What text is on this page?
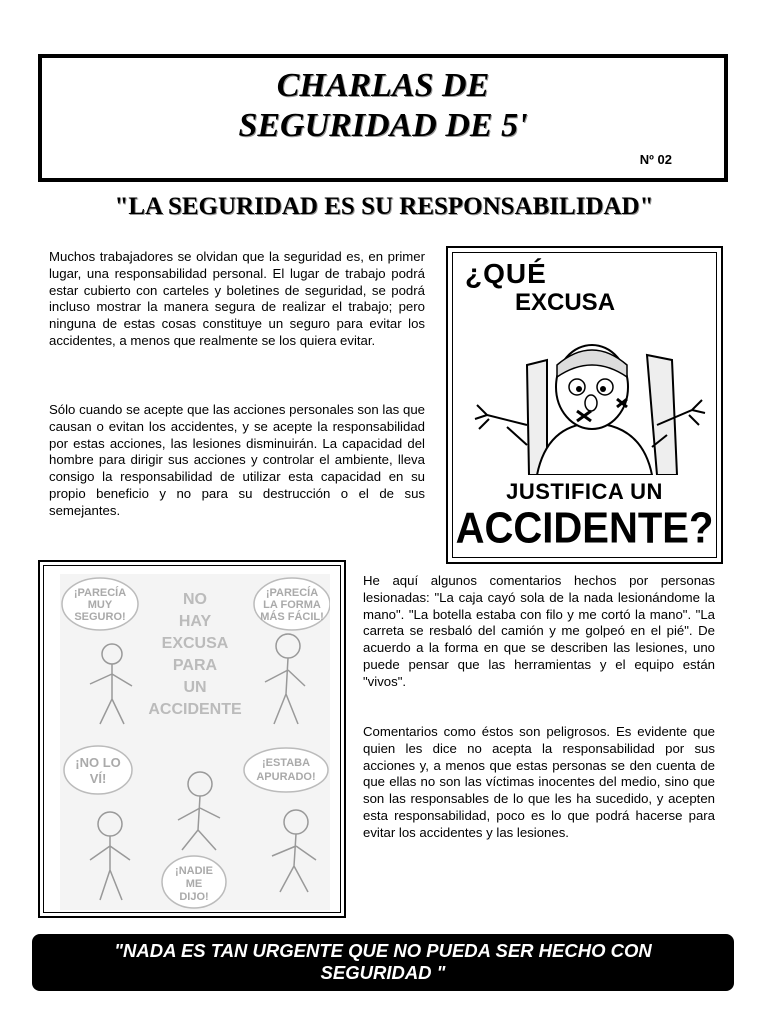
CHARLAS DE
SEGURIDAD DE 5'
Nº 02
"LA SEGURIDAD ES SU RESPONSABILIDAD"

Muchos trabajadores se olvidan que la seguridad es, en primer lugar, una responsabilidad personal. El lugar de trabajo podrá estar cubierto con carteles y boletines de seguridad, se podrá incluso mostrar la manera segura de realizar el trabajo; pero ninguna de estas cosas constituye un seguro para evitar los accidentes, a menos que realmente se los quiera evitar.

Sólo cuando se acepte que las acciones personales son las que causan o evitan los accidentes, y se acepte la responsabilidad por estas acciones, las lesiones disminuirán. La capacidad del hombre para dirigir sus acciones y controlar el ambiente, lleva consigo la responsabilidad de utilizar esta capacidad en su propio beneficio y no para su destrucción o el de sus semejantes.

¿QUÉ
EXCUSA
JUSTIFICA UN
ACCIDENTE?
NO
HAY
EXCUSA
PARA
UN
ACCIDENTE
¡PARECÍA
MUY
SEGURO!
¡PARECÍA
LA FORMA
MÁS FÁCIL!
¡NO LO
VÍ!
¡ESTABA
APURADO!
¡NADIE
ME
DIJO!

He aquí algunos comentarios hechos por personas lesionadas: "La caja cayó sola de la nada lesionándome la mano". "La botella estaba con filo y me cortó la mano". "La carreta se resbaló del camión y me golpeó en el pié". De acuerdo a la forma en que se describen las lesiones, uno puede pensar que las herramientas y el equipo están "vivos".

Comentarios como éstos son peligrosos. Es evidente que quien les dice no acepta la responsabilidad por sus acciones y, a menos que estas personas se den cuenta de que ellas no son las víctimas inocentes del medio, sino que son las responsables de lo que les ha sucedido, y acepten esta responsabilidad, poco es lo que podrá hacerse para evitar los accidentes y las lesiones.

"NADA ES TAN URGENTE QUE NO PUEDA SER HECHO CON
SEGURIDAD "
